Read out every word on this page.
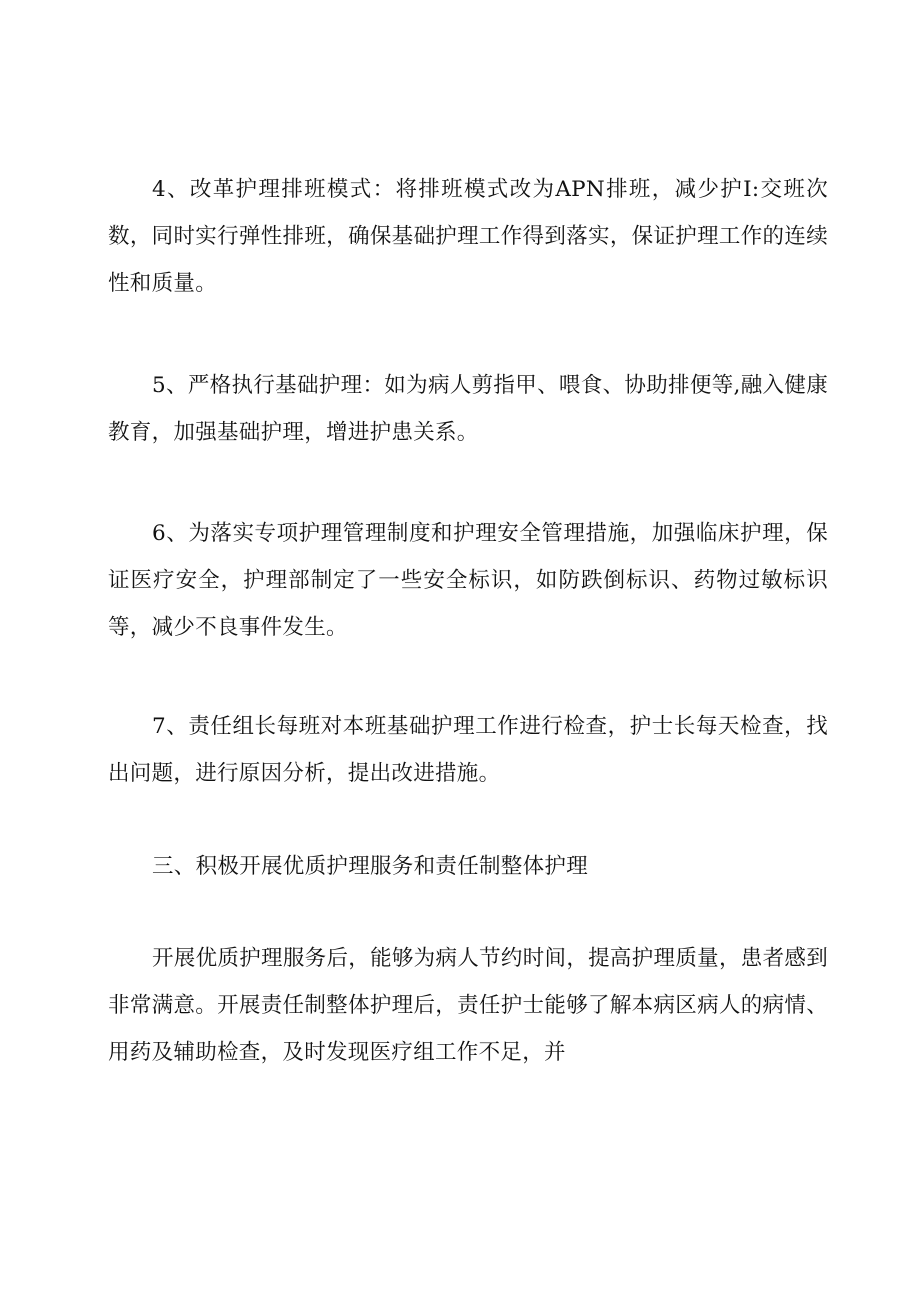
4、改革护理排班模式：将排班模式改为APN排班，减少护I:交班次数，同时实行弹性排班，确保基础护理工作得到落实，保证护理工作的连续性和质量。

5、严格执行基础护理：如为病人剪指甲、喂食、协助排便等,融入健康教育，加强基础护理，增进护患关系。

6、为落实专项护理管理制度和护理安全管理措施，加强临床护理，保证医疗安全，护理部制定了一些安全标识，如防跌倒标识、药物过敏标识等，减少不良事件发生。

7、责任组长每班对本班基础护理工作进行检查，护士长每天检查，找出问题，进行原因分析，提出改进措施。

三、积极开展优质护理服务和责任制整体护理

开展优质护理服务后，能够为病人节约时间，提高护理质量，患者感到非常满意。开展责任制整体护理后，责任护士能够了解本病区病人的病情、用药及辅助检查，及时发现医疗组工作不足，并
